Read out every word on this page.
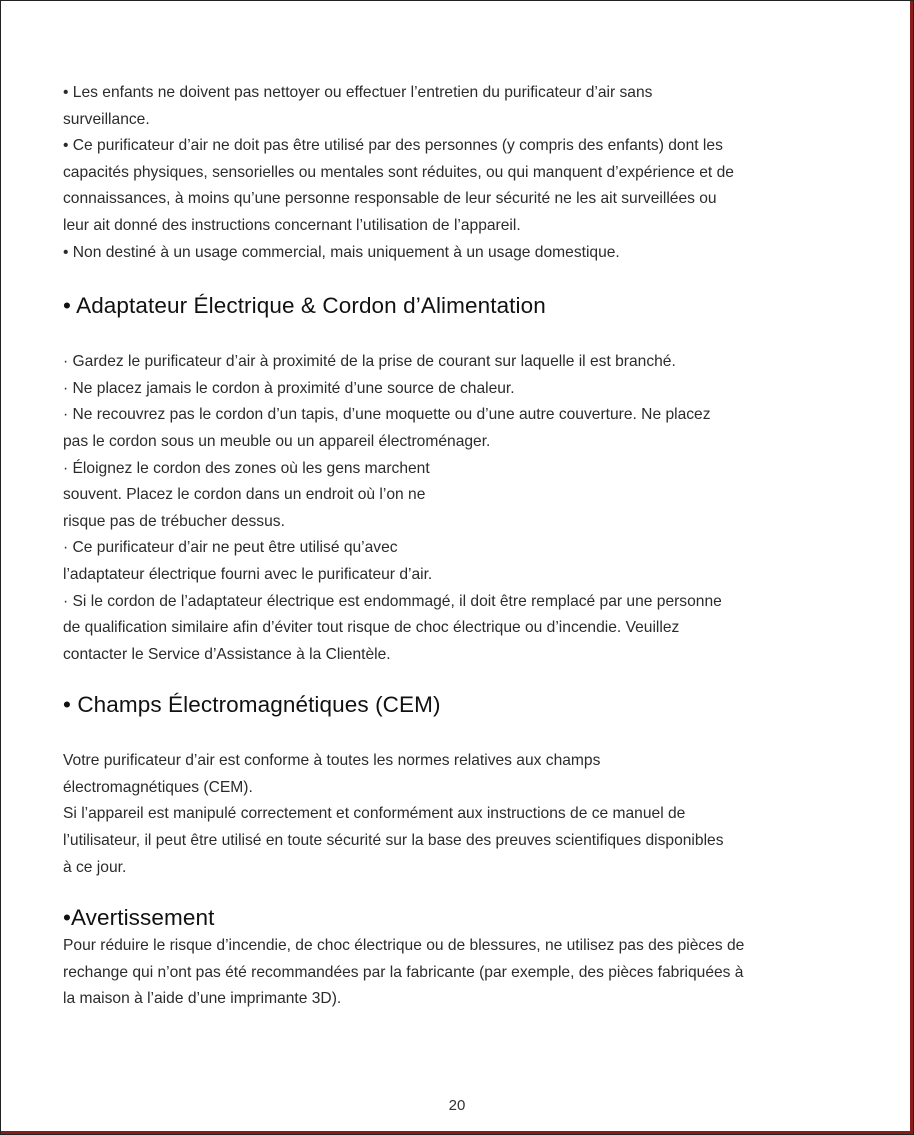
• Les enfants ne doivent pas nettoyer ou effectuer l’entretien du purificateur d’air sans
surveillance.
• Ce purificateur d’air ne doit pas être utilisé par des personnes (y compris des enfants) dont les
capacités physiques, sensorielles ou mentales sont réduites, ou qui manquent d’expérience et de
connaissances, à moins qu’une personne responsable de leur sécurité ne les ait surveillées ou
leur ait donné des instructions concernant l’utilisation de l’appareil.
• Non destiné à un usage commercial, mais uniquement à un usage domestique.

• Adaptateur Électrique & Cordon d’Alimentation

· Gardez le purificateur d’air à proximité de la prise de courant sur laquelle il est branché.
· Ne placez jamais le cordon à proximité d’une source de chaleur.
· Ne recouvrez pas le cordon d’un tapis, d’une moquette ou d’une autre couverture. Ne placez
pas le cordon sous un meuble ou un appareil électroménager.
· Éloignez le cordon des zones où les gens marchent
souvent. Placez le cordon dans un endroit où l’on ne
risque pas de trébucher dessus.
· Ce purificateur d’air ne peut être utilisé qu’avec
l’adaptateur électrique fourni avec le purificateur d’air.
· Si le cordon de l’adaptateur électrique est endommagé, il doit être remplacé par une personne
de qualification similaire afin d’éviter tout risque de choc électrique ou d’incendie. Veuillez
contacter le Service d’Assistance à la Clientèle.

• Champs Électromagnétiques (CEM)

Votre purificateur d’air est conforme à toutes les normes relatives aux champs
électromagnétiques (CEM).
Si l’appareil est manipulé correctement et conformément aux instructions de ce manuel de
l’utilisateur, il peut être utilisé en toute sécurité sur la base des preuves scientifiques disponibles
à ce jour.

•Avertissement

Pour réduire le risque d’incendie, de choc électrique ou de blessures, ne utilisez pas des pièces de
rechange qui n’ont pas été recommandées par la fabricante (par exemple, des pièces fabriquées à
la maison à l’aide d’une imprimante 3D).

20
